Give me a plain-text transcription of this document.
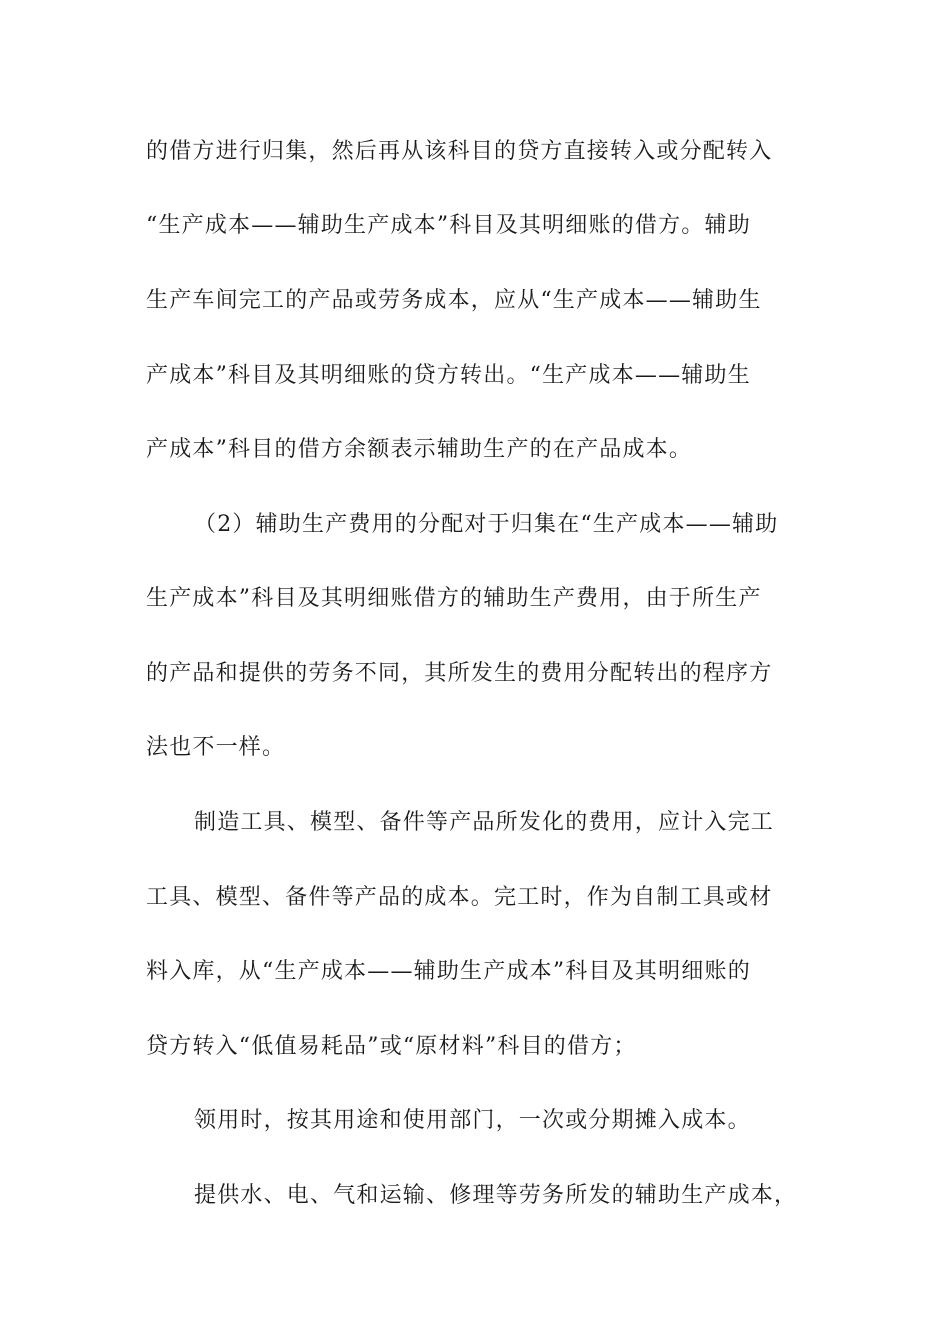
的借方进行归集，然后再从该科目的贷方直接转入或分配转入
“生产成本——辅助生产成本”科目及其明细账的借方。辅助
生产车间完工的产品或劳务成本，应从“生产成本——辅助生
产成本”科目及其明细账的贷方转出。“生产成本——辅助生
产成本”科目的借方余额表示辅助生产的在产品成本。
（2）辅助生产费用的分配对于归集在“生产成本——辅助
生产成本”科目及其明细账借方的辅助生产费用，由于所生产
的产品和提供的劳务不同，其所发生的费用分配转出的程序方
法也不一样。
制造工具、模型、备件等产品所发化的费用，应计入完工
工具、模型、备件等产品的成本。完工时，作为自制工具或材
料入库，从“生产成本——辅助生产成本”科目及其明细账的
贷方转入“低值易耗品”或“原材料”科目的借方；
领用时，按其用途和使用部门，一次或分期摊入成本。
提供水、电、气和运输、修理等劳务所发的辅助生产成本，
